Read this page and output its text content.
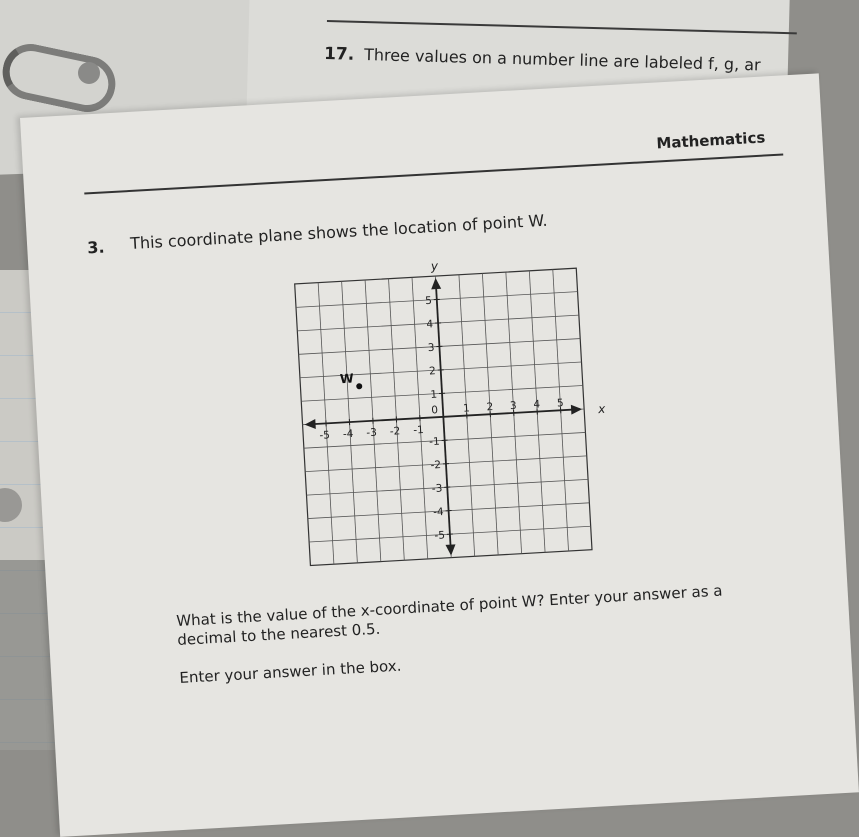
17. Three values on a number line are labeled f, g, ar
Mathematics
3. This coordinate plane shows the location of point W.
x
y
-5 -4 -3 -2 -1
1 2 3 4 5
5
4
3
2
1
-1
-2
-3
-4
-5
0
W
What is the value of the x-coordinate of point W? Enter your answer as a decimal to the nearest 0.5.
Enter your answer in the box.
